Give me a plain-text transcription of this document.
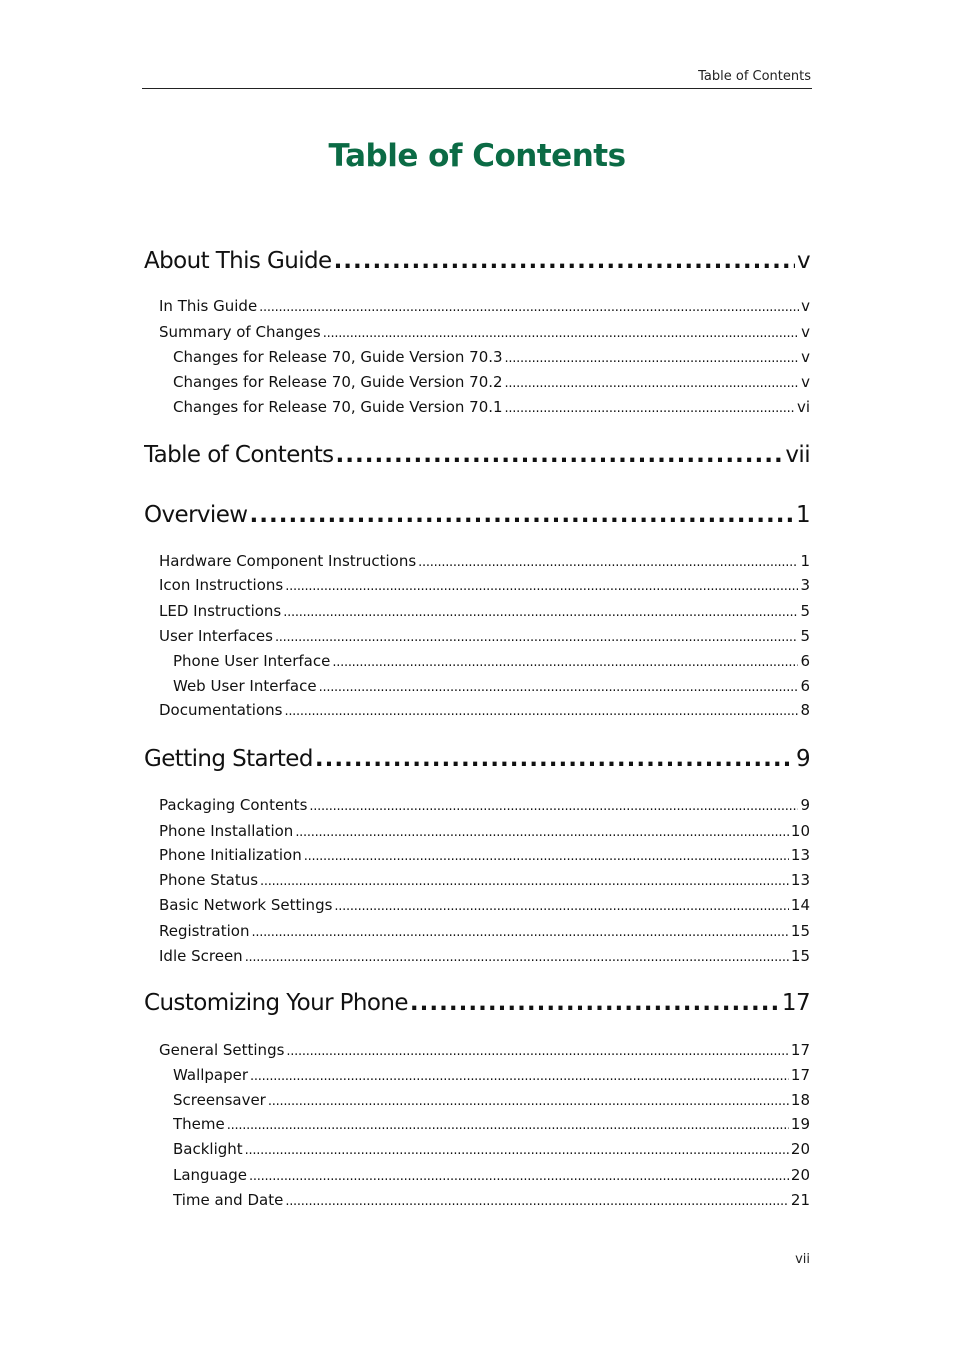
Table of Contents
Table of Contents
About This Guide . . .	v
In This Guide . . .	v
Summary of Changes . . .	v
Changes for Release 70, Guide Version 70.3 . . .	v
Changes for Release 70, Guide Version 70.2 . . .	v
Changes for Release 70, Guide Version 70.1 . . .	vi
Table of Contents . . .	vii
Overview . . .	1
Hardware Component Instructions . . .	1
Icon Instructions . . .	3
LED Instructions . . .	5
User Interfaces . . .	5
Phone User Interface . . .	6
Web User Interface . . .	6
Documentations . . .	8
Getting Started . . .	9
Packaging Contents . . .	9
Phone Installation . . .	10
Phone Initialization . . .	13
Phone Status . . .	13
Basic Network Settings . . .	14
Registration . . .	15
Idle Screen . . .	15
Customizing Your Phone . . .	17
General Settings . . .	17
Wallpaper . . .	17
Screensaver . . .	18
Theme . . .	19
Backlight . . .	20
Language . . .	20
Time and Date . . .	21
vii
